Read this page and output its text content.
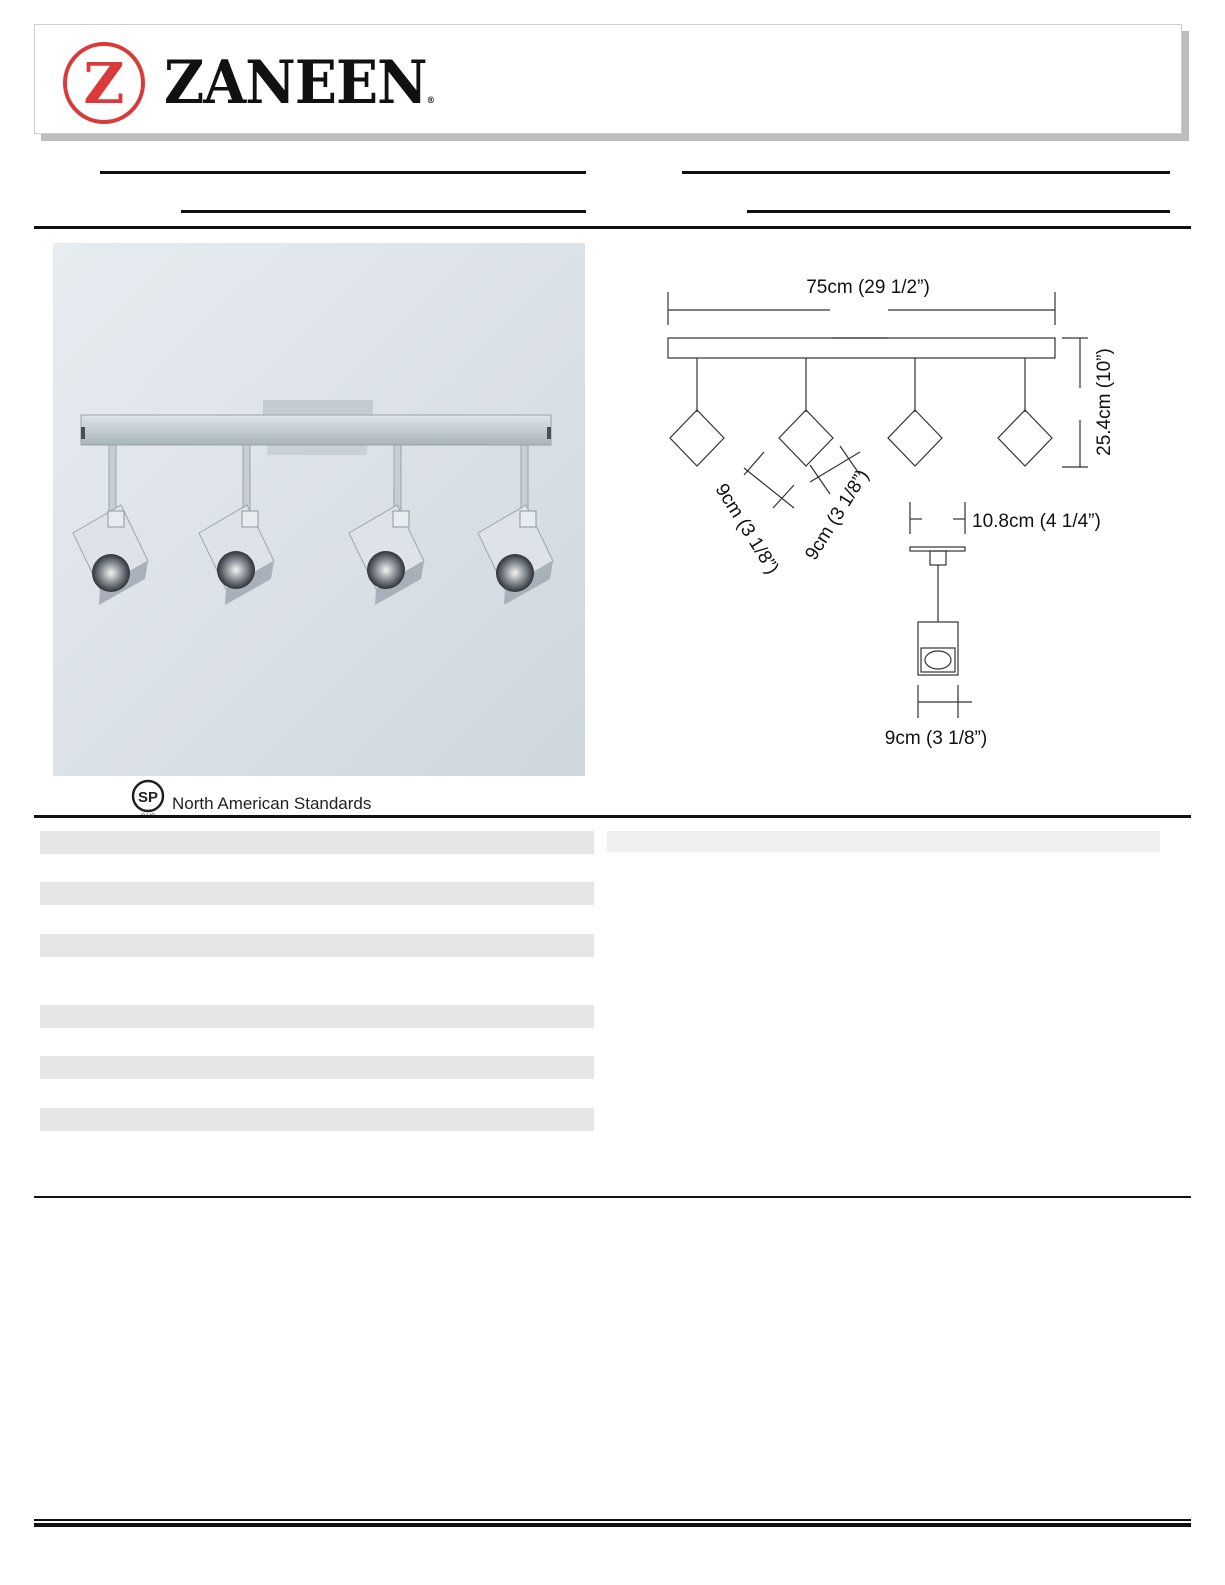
Z ZANEEN®
SP North American Standards
75cm (29 1/2”)
25.4cm (10”)
9cm (3 1/8”) 9cm (3 1/8”)	10.8cm (4 1/4”)
9cm (3 1/8”)
